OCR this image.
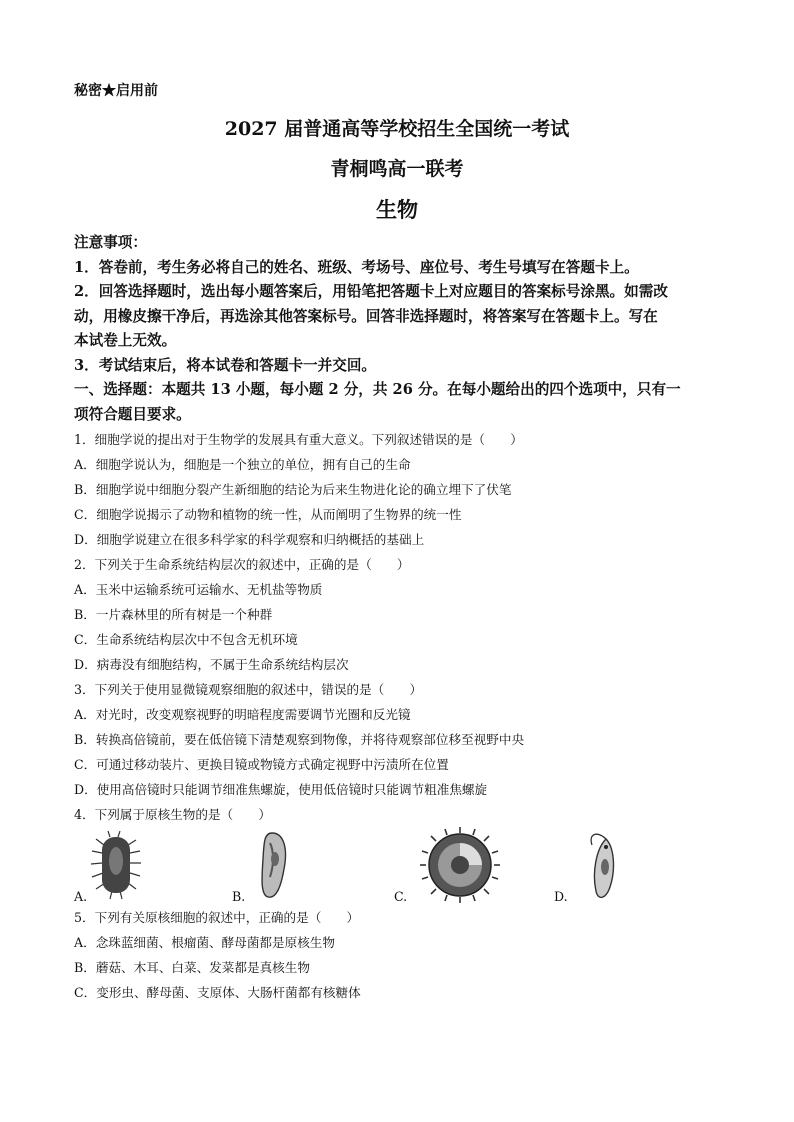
秘密★启用前
2027 届普通高等学校招生全国统一考试
青桐鸣高一联考
生物

注意事项：

1．答卷前，考生务必将自己的姓名、班级、考场号、座位号、考生号填写在答题卡上。

2．回答选择题时，选出每小题答案后，用铅笔把答题卡上对应题目的答案标号涂黑。如需改

动，用橡皮擦干净后，再选涂其他答案标号。回答非选择题时，将答案写在答题卡上。写在

本试卷上无效。

3．考试结束后，将本试卷和答题卡一并交回。

一、选择题：本题共 13 小题，每小题 2 分，共 26 分。在每小题给出的四个选项中，只有一

项符合题目要求。

1．细胞学说的提出对于生物学的发展具有重大意义。下列叙述错误的是（　　）

A．细胞学说认为，细胞是一个独立的单位，拥有自己的生命

B．细胞学说中细胞分裂产生新细胞的结论为后来生物进化论的确立埋下了伏笔

C．细胞学说揭示了动物和植物的统一性，从而阐明了生物界的统一性

D．细胞学说建立在很多科学家的科学观察和归纳概括的基础上

2．下列关于生命系统结构层次的叙述中，正确的是（　　）

A．玉米中运输系统可运输水、无机盐等物质

B．一片森林里的所有树是一个种群

C．生命系统结构层次中不包含无机环境

D．病毒没有细胞结构，不属于生命系统结构层次

3．下列关于使用显微镜观察细胞的叙述中，错误的是（　　）

A．对光时，改变观察视野的明暗程度需要调节光圈和反光镜

B．转换高倍镜前，要在低倍镜下清楚观察到物像，并将待观察部位移至视野中央

C．可通过移动装片、更换目镜或物镜方式确定视野中污渍所在位置

D．使用高倍镜时只能调节细准焦螺旋，使用低倍镜时只能调节粗准焦螺旋

4．下列属于原核生物的是（　　）

A.	B.	C.	D.

5．下列有关原核细胞的叙述中，正确的是（　　）

A．念珠蓝细菌、根瘤菌、酵母菌都是原核生物

B．蘑菇、木耳、白菜、发菜都是真核生物

C．变形虫、酵母菌、支原体、大肠杆菌都有核糖体
